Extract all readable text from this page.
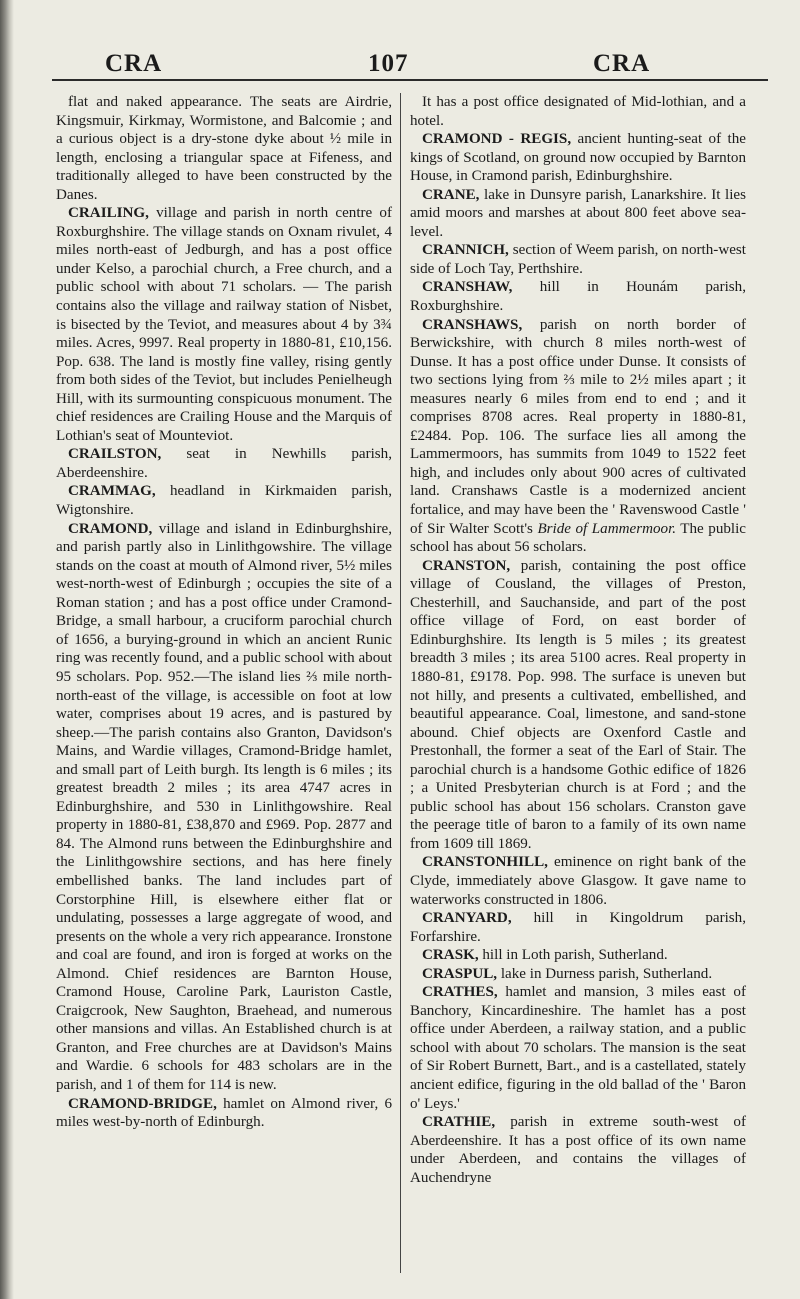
CRA	107	CRA

flat and naked appearance. The seats are Airdrie, Kingsmuir, Kirkmay, Wormistone, and Balcomie ; and a curious object is a dry-stone dyke about ½ mile in length, enclosing a triangular space at Fifeness, and traditionally alleged to have been constructed by the Danes.

CRAILING, village and parish in north centre of Roxburghshire. The village stands on Oxnam rivulet, 4 miles north-east of Jedburgh, and has a post office under Kelso, a parochial church, a Free church, and a public school with about 71 scholars. — The parish contains also the village and railway station of Nisbet, is bisected by the Teviot, and measures about 4 by 3¾ miles. Acres, 9997. Real property in 1880-81, £10,156. Pop. 638. The land is mostly fine valley, rising gently from both sides of the Teviot, but includes Penielheugh Hill, with its surmounting conspicuous monument. The chief residences are Crailing House and the Marquis of Lothian's seat of Mounteviot.

CRAILSTON, seat in Newhills parish, Aberdeenshire.

CRAMMAG, headland in Kirkmaiden parish, Wigtonshire.

CRAMOND, village and island in Edinburghshire, and parish partly also in Linlithgowshire. The village stands on the coast at mouth of Almond river, 5½ miles west-north-west of Edinburgh ; occupies the site of a Roman station ; and has a post office under Cramond-Bridge, a small harbour, a cruciform parochial church of 1656, a burying-ground in which an ancient Runic ring was recently found, and a public school with about 95 scholars. Pop. 952.—The island lies ⅔ mile north-north-east of the village, is accessible on foot at low water, comprises about 19 acres, and is pastured by sheep.—The parish contains also Granton, Davidson's Mains, and Wardie villages, Cramond-Bridge hamlet, and small part of Leith burgh. Its length is 6 miles ; its greatest breadth 2 miles ; its area 4747 acres in Edinburghshire, and 530 in Linlithgowshire. Real property in 1880-81, £38,870 and £969. Pop. 2877 and 84. The Almond runs between the Edinburghshire and the Linlithgowshire sections, and has here finely embellished banks. The land includes part of Corstorphine Hill, is elsewhere either flat or undulating, possesses a large aggregate of wood, and presents on the whole a very rich appearance. Ironstone and coal are found, and iron is forged at works on the Almond. Chief residences are Barnton House, Cramond House, Caroline Park, Lauriston Castle, Craigcrook, New Saughton, Braehead, and numerous other mansions and villas. An Established church is at Granton, and Free churches are at Davidson's Mains and Wardie. 6 schools for 483 scholars are in the parish, and 1 of them for 114 is new.

CRAMOND-BRIDGE, hamlet on Almond river, 6 miles west-by-north of Edinburgh.

It has a post office designated of Mid-lothian, and a hotel.

CRAMOND - REGIS, ancient hunting-seat of the kings of Scotland, on ground now occupied by Barnton House, in Cramond parish, Edinburghshire.

CRANE, lake in Dunsyre parish, Lanarkshire. It lies amid moors and marshes at about 800 feet above sea-level.

CRANNICH, section of Weem parish, on north-west side of Loch Tay, Perthshire.

CRANSHAW, hill in Hounám parish, Roxburghshire.

CRANSHAWS, parish on north border of Berwickshire, with church 8 miles north-west of Dunse. It has a post office under Dunse. It consists of two sections lying from ⅔ mile to 2½ miles apart ; it measures nearly 6 miles from end to end ; and it comprises 8708 acres. Real property in 1880-81, £2484. Pop. 106. The surface lies all among the Lammermoors, has summits from 1049 to 1522 feet high, and includes only about 900 acres of cultivated land. Cranshaws Castle is a modernized ancient fortalice, and may have been the ' Ravenswood Castle ' of Sir Walter Scott's Bride of Lammermoor. The public school has about 56 scholars.

CRANSTON, parish, containing the post office village of Cousland, the villages of Preston, Chesterhill, and Sauchanside, and part of the post office village of Ford, on east border of Edinburghshire. Its length is 5 miles ; its greatest breadth 3 miles ; its area 5100 acres. Real property in 1880-81, £9178. Pop. 998. The surface is uneven but not hilly, and presents a cultivated, embellished, and beautiful appearance. Coal, limestone, and sand-stone abound. Chief objects are Oxenford Castle and Prestonhall, the former a seat of the Earl of Stair. The parochial church is a handsome Gothic edifice of 1826 ; a United Presbyterian church is at Ford ; and the public school has about 156 scholars. Cranston gave the peerage title of baron to a family of its own name from 1609 till 1869.

CRANSTONHILL, eminence on right bank of the Clyde, immediately above Glasgow. It gave name to waterworks constructed in 1806.

CRANYARD, hill in Kingoldrum parish, Forfarshire.

CRASK, hill in Loth parish, Sutherland.

CRASPUL, lake in Durness parish, Sutherland.

CRATHES, hamlet and mansion, 3 miles east of Banchory, Kincardineshire. The hamlet has a post office under Aberdeen, a railway station, and a public school with about 70 scholars. The mansion is the seat of Sir Robert Burnett, Bart., and is a castellated, stately ancient edifice, figuring in the old ballad of the ' Baron o' Leys.'

CRATHIE, parish in extreme south-west of Aberdeenshire. It has a post office of its own name under Aberdeen, and contains the villages of Auchendryne
